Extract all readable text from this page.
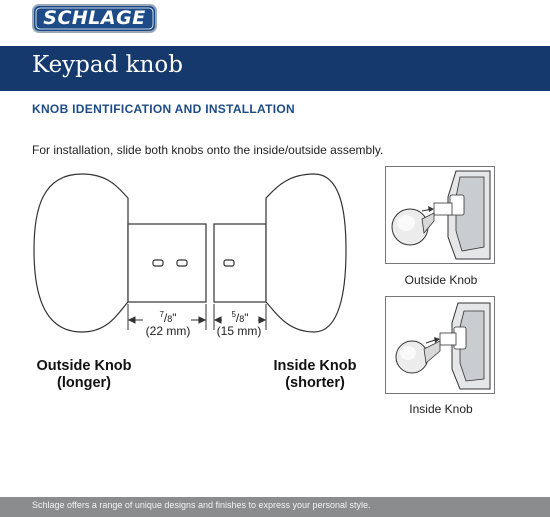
SCHLAGE
Keypad knob
KNOB IDENTIFICATION AND INSTALLATION
For installation, slide both knobs onto the inside/outside assembly.
$^7$/8"
(22 mm)
$^5$/8"
(15 mm)
Outside Knob
(longer)
Inside Knob
(shorter)
Outside Knob
Inside Knob
Schlage offers a range of unique designs and finishes to express your personal style.
